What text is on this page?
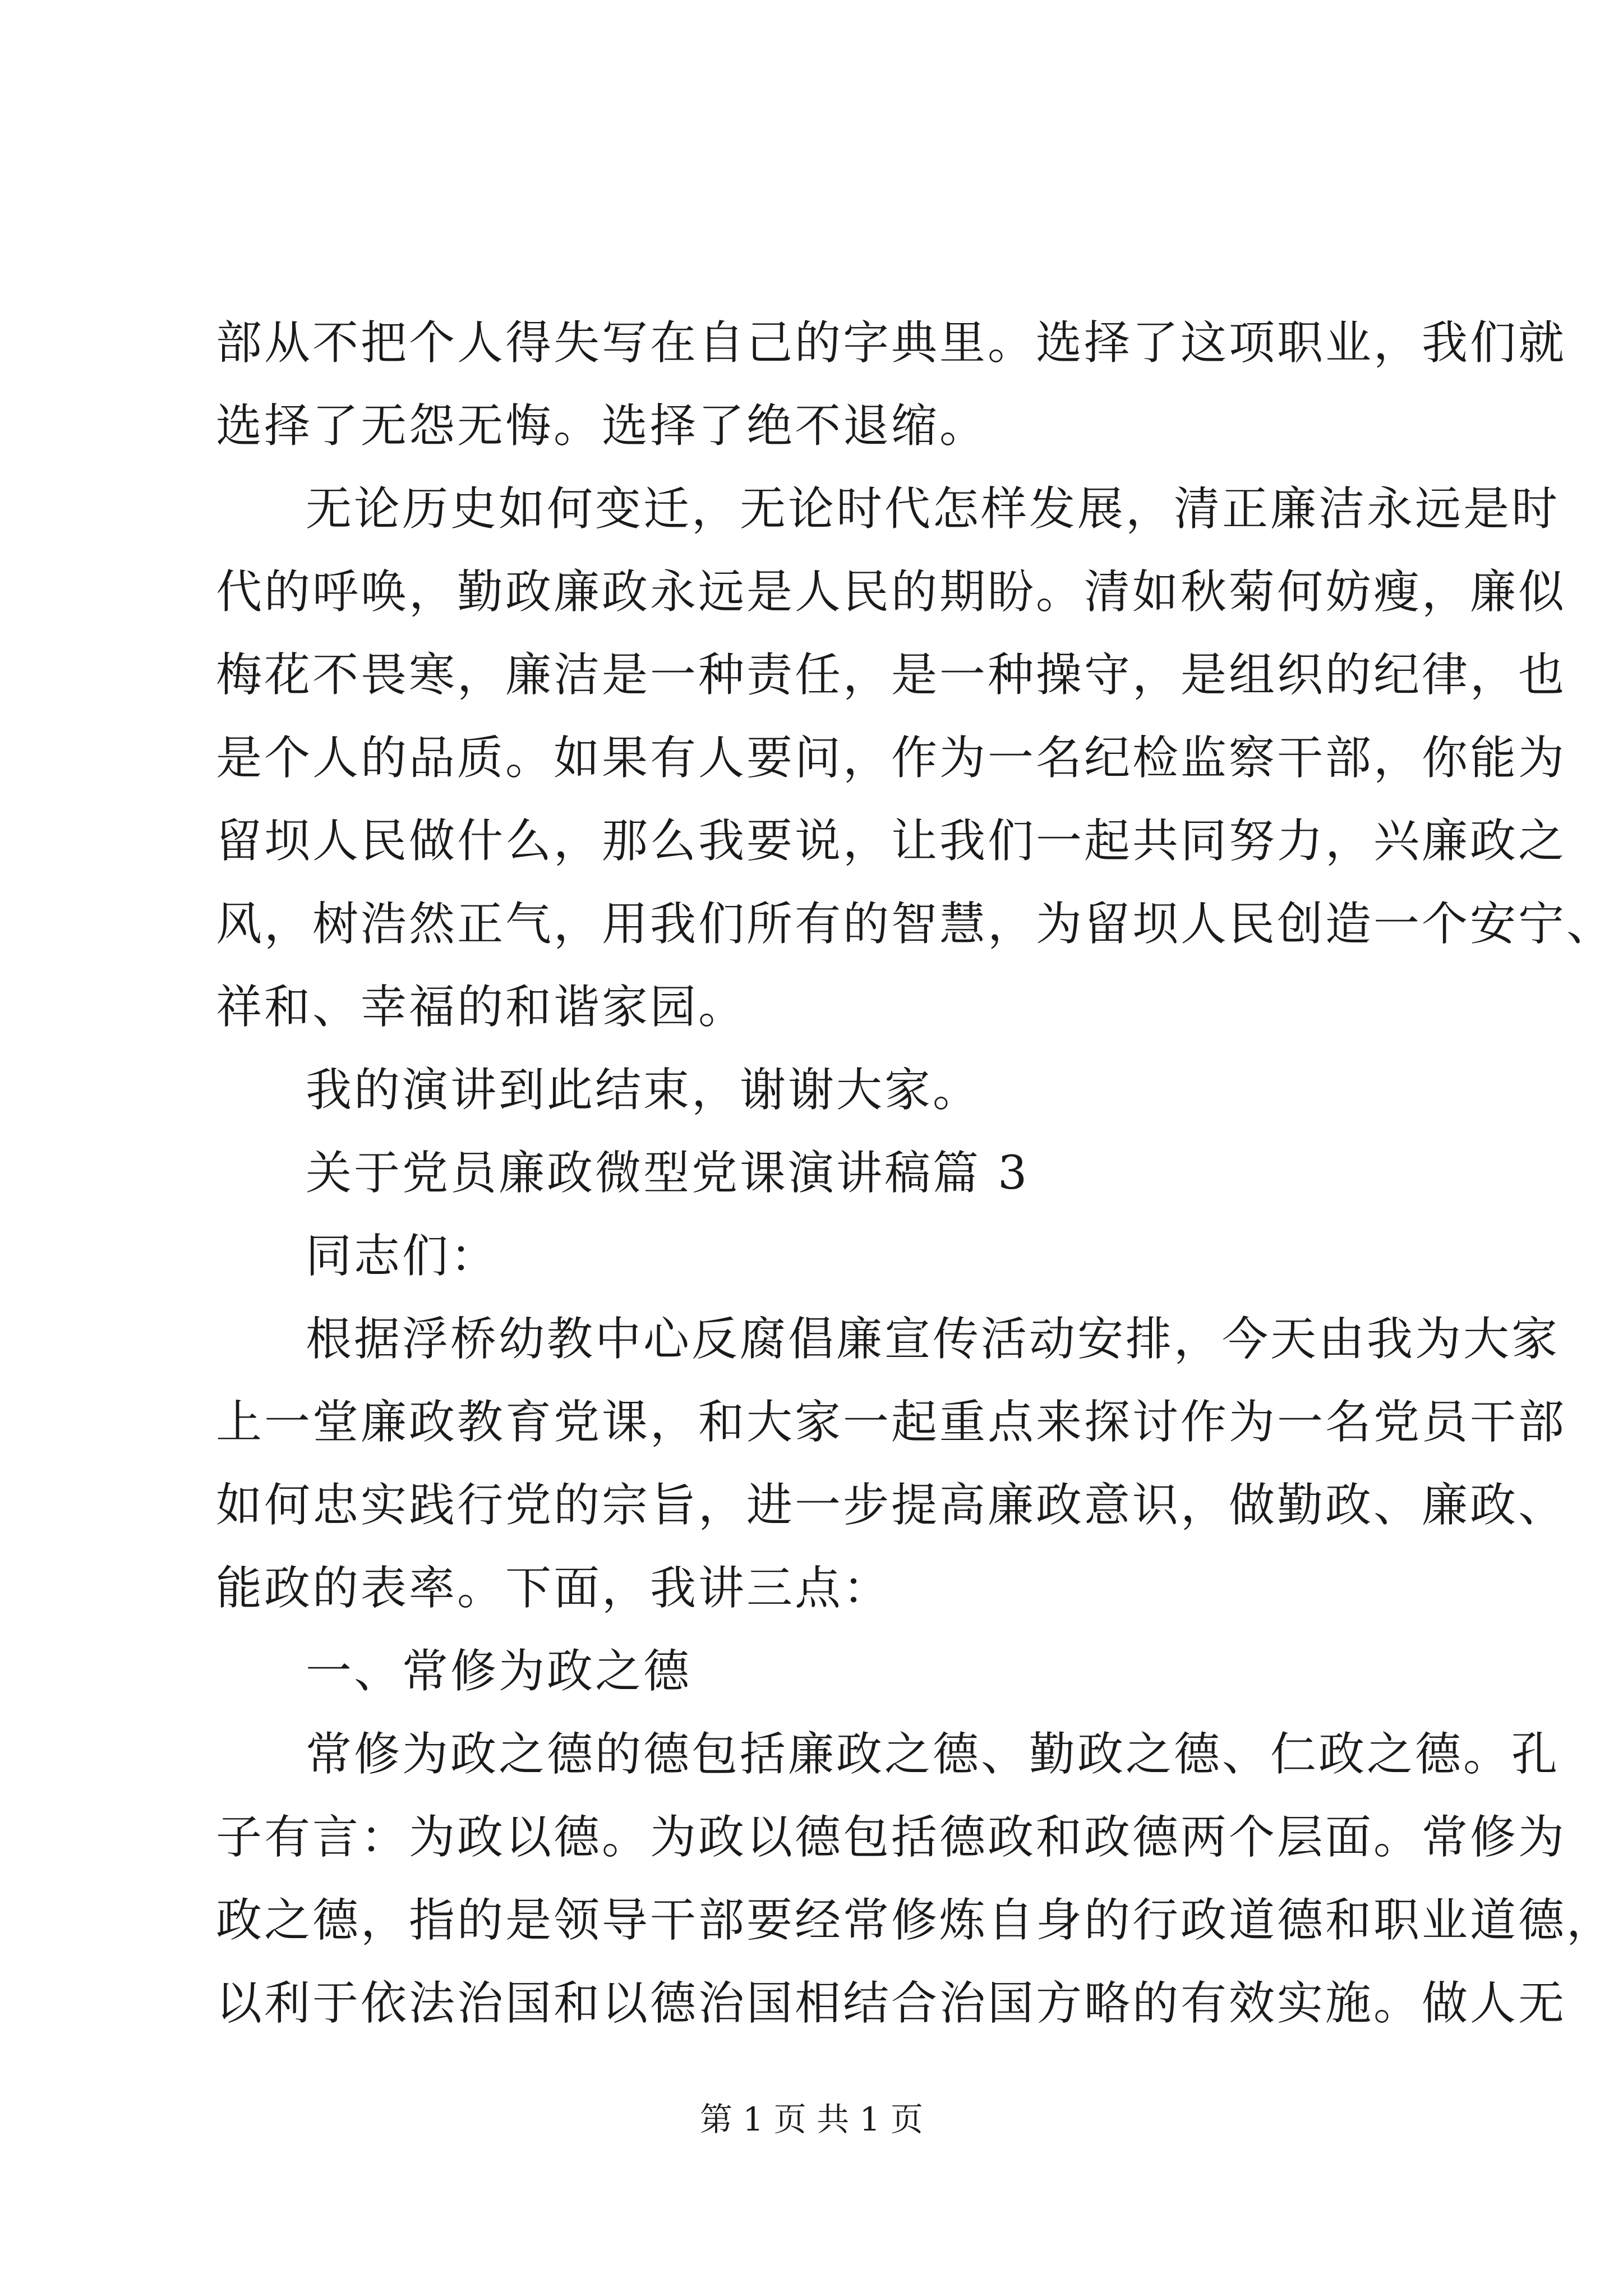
部从不把个人得失写在自己的字典里。选择了这项职业，我们就
选择了无怨无悔。选择了绝不退缩。
无论历史如何变迁，无论时代怎样发展，清正廉洁永远是时
代的呼唤，勤政廉政永远是人民的期盼。清如秋菊何妨瘦，廉似
梅花不畏寒，廉洁是一种责任，是一种操守，是组织的纪律，也
是个人的品质。如果有人要问，作为一名纪检监察干部，你能为
留坝人民做什么，那么我要说，让我们一起共同努力，兴廉政之
风，树浩然正气，用我们所有的智慧，为留坝人民创造一个安宁、
祥和、幸福的和谐家园。
我的演讲到此结束，谢谢大家。
关于党员廉政微型党课演讲稿篇 3
同志们：
根据浮桥幼教中心反腐倡廉宣传活动安排，今天由我为大家
上一堂廉政教育党课，和大家一起重点来探讨作为一名党员干部
如何忠实践行党的宗旨，进一步提高廉政意识，做勤政、廉政、
能政的表率。下面，我讲三点：
一、常修为政之德
常修为政之德的德包括廉政之德、勤政之德、仁政之德。孔
子有言：为政以德。为政以德包括德政和政德两个层面。常修为
政之德，指的是领导干部要经常修炼自身的行政道德和职业道德，
以利于依法治国和以德治国相结合治国方略的有效实施。做人无
第 1 页 共 1 页
